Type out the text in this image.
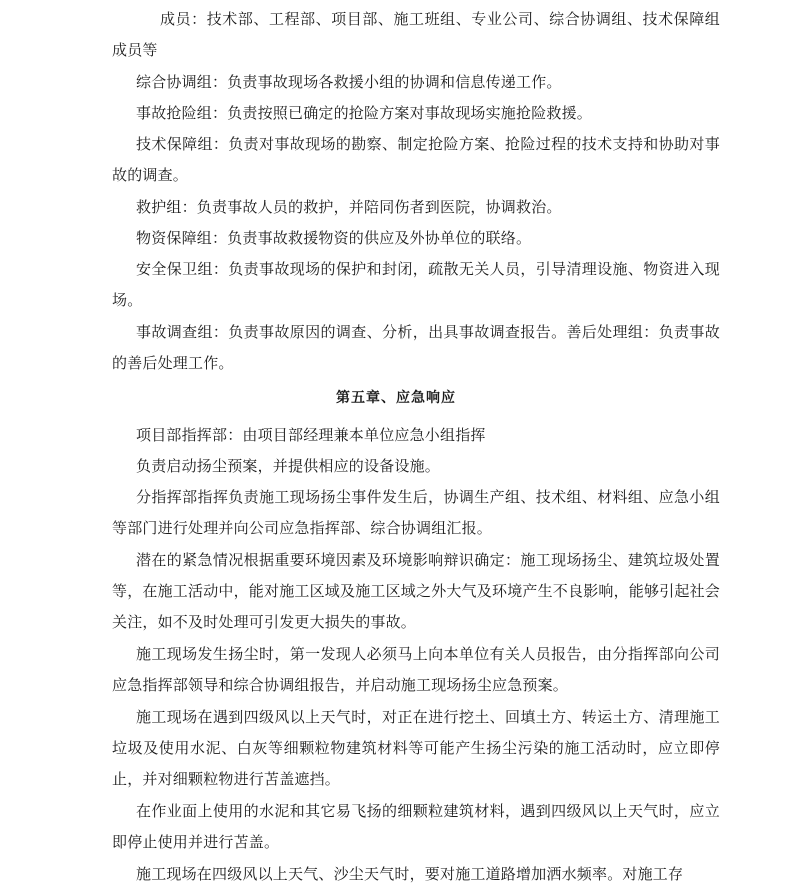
成员：技术部、工程部、项目部、施工班组、专业公司、综合协调组、技术保障组成员等

综合协调组：负责事故现场各救援小组的协调和信息传递工作。

事故抢险组：负责按照已确定的抢险方案对事故现场实施抢险救援。

技术保障组：负责对事故现场的勘察、制定抢险方案、抢险过程的技术支持和协助对事故的调查。

救护组：负责事故人员的救护，并陪同伤者到医院，协调救治。

物资保障组：负责事故救援物资的供应及外协单位的联络。

安全保卫组：负责事故现场的保护和封闭，疏散无关人员，引导清理设施、物资进入现场。

事故调查组：负责事故原因的调查、分析，出具事故调查报告。善后处理组：负责事故的善后处理工作。

第五章、应急响应

项目部指挥部：由项目部经理兼本单位应急小组指挥

负责启动扬尘预案，并提供相应的设备设施。

分指挥部指挥负责施工现场扬尘事件发生后，协调生产组、技术组、材料组、应急小组等部门进行处理并向公司应急指挥部、综合协调组汇报。

潜在的紧急情况根据重要环境因素及环境影响辩识确定：施工现场扬尘、建筑垃圾处置等，在施工活动中，能对施工区域及施工区域之外大气及环境产生不良影响，能够引起社会关注，如不及时处理可引发更大损失的事故。

施工现场发生扬尘时，第一发现人必须马上向本单位有关人员报告，由分指挥部向公司应急指挥部领导和综合协调组报告，并启动施工现场扬尘应急预案。

施工现场在遇到四级风以上天气时，对正在进行挖土、回填土方、转运土方、清理施工垃圾及使用水泥、白灰等细颗粒物建筑材料等可能产生扬尘污染的施工活动时，应立即停止，并对细颗粒物进行苫盖遮挡。

在作业面上使用的水泥和其它易飞扬的细颗粒建筑材料，遇到四级风以上天气时，应立即停止使用并进行苫盖。

施工现场在四级风以上天气、沙尘天气时，要对施工道路增加洒水频率。对施工存
